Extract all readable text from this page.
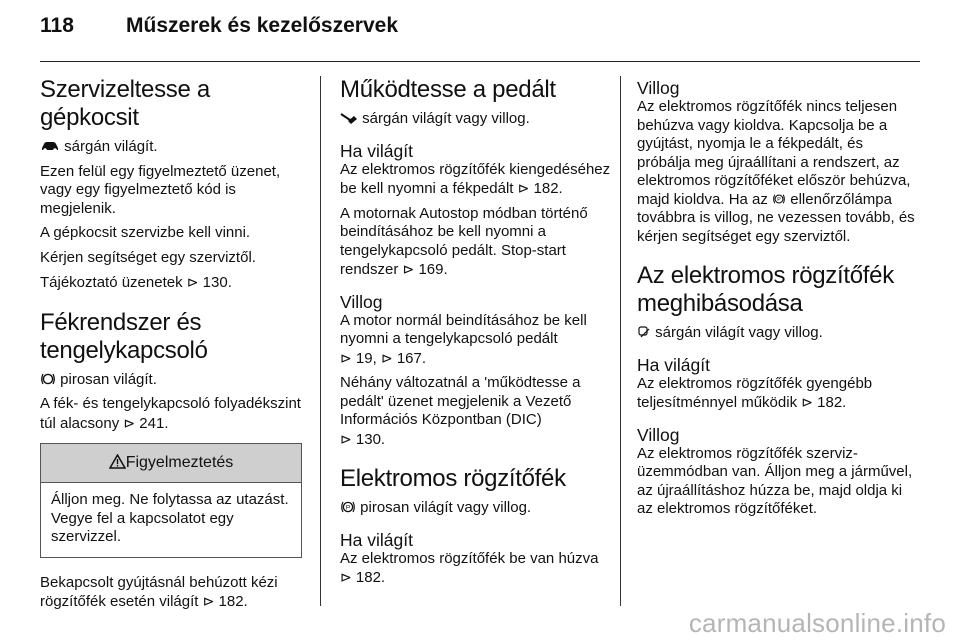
118 Műszerek és kezelőszervek
Szervizeltesse a gépkocsit

sárgán világít.

Ezen felül egy figyelmeztető üzenet, vagy egy figyelmeztető kód is megjelenik.

A gépkocsit szervizbe kell vinni.

Kérjen segítséget egy szerviztől.

Tájékoztató üzenetek ⊳ 130.

Fékrendszer és
tengelykapcsoló

pirosan világít.

A fék- és tengelykapcsoló folyadékszint túl alacsony ⊳ 241.

Figyelmeztetés
Álljon meg. Ne folytassa az utazást. Vegye fel a kapcsolatot egy szervizzel.

Bekapcsolt gyújtásnál behúzott kézi rögzítőfék esetén világít ⊳ 182.

Működtesse a pedált

sárgán világít vagy villog.

Ha világít

Az elektromos rögzítőfék kiengedéséhez be kell nyomni a fékpedált ⊳ 182.

A motornak Autostop módban történő beindításához be kell nyomni a tengelykapcsoló pedált. Stop-start rendszer ⊳ 169.

Villog

A motor normál beindításához be kell nyomni a tengelykapcsoló pedált
⊳ 19, ⊳ 167.

Néhány változatnál a 'működtesse a pedált' üzenet megjelenik a Vezető Információs Központban (DIC)
⊳ 130.

Elektromos rögzítőfék

P pirosan világít vagy villog.

Ha világít

Az elektromos rögzítőfék be van húzva ⊳ 182.

Villog

Az elektromos rögzítőfék nincs teljesen behúzva vagy kioldva. Kapcsolja be a gyújtást, nyomja le a fékpedált, és próbálja meg újraállítani a rendszert, az elektromos rögzítőféket először behúzva, majd kioldva. Ha az P ellenőrzőlámpa továbbra is villog, ne vezessen tovább, és kérjen segítséget egy szerviztől.

Az elektromos rögzítőfék
meghibásodása

sárgán világít vagy villog.

Ha világít

Az elektromos rögzítőfék gyengébb teljesítménnyel működik ⊳ 182.

Villog

Az elektromos rögzítőfék szerviz-üzemmódban van. Álljon meg a járművel, az újraállításhoz húzza be, majd oldja ki az elektromos rögzítőféket.

carmanualsonline.info
